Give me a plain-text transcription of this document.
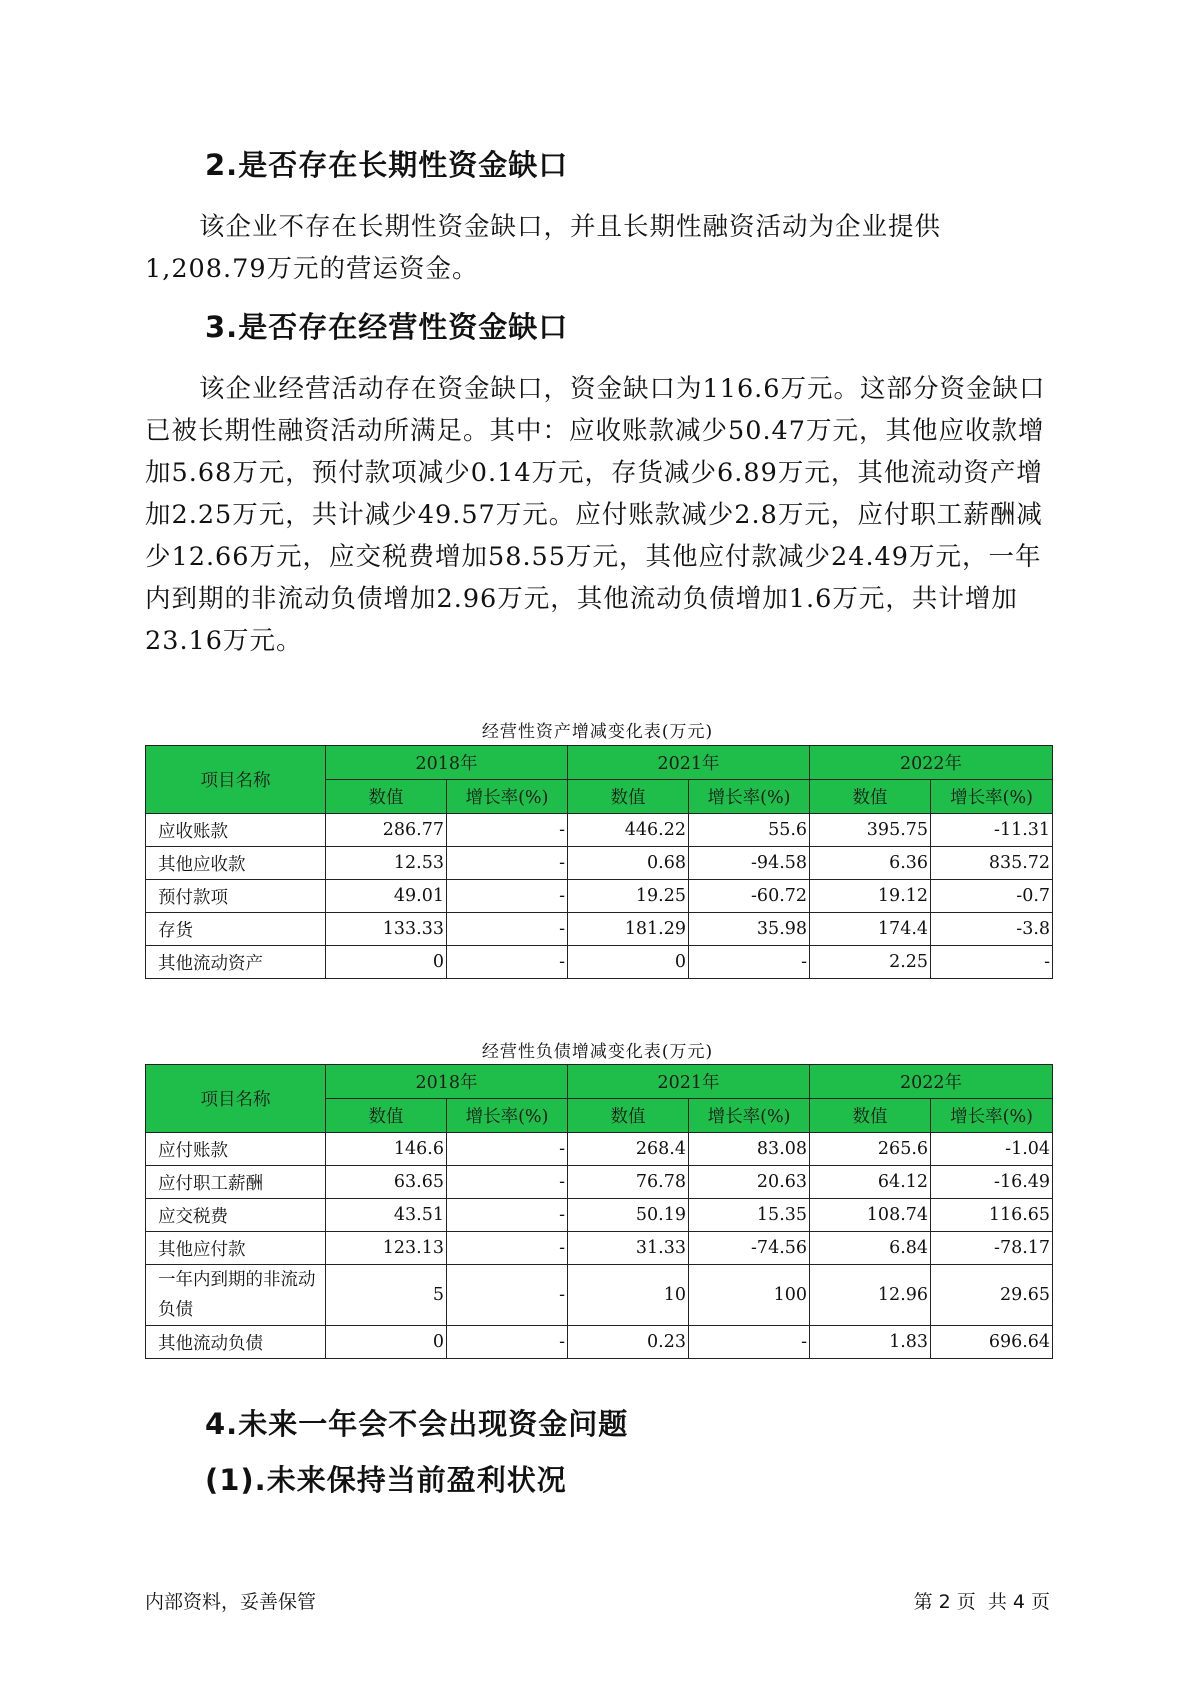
2.是否存在长期性资金缺口

该企业不存在长期性资金缺口，并且长期性融资活动为企业提供1,208.79万元的营运资金。

3.是否存在经营性资金缺口

该企业经营活动存在资金缺口，资金缺口为116.6万元。这部分资金缺口已被长期性融资活动所满足。其中：应收账款减少50.47万元，其他应收款增加5.68万元，预付款项减少0.14万元，存货减少6.89万元，其他流动资产增加2.25万元，共计减少49.57万元。应付账款减少2.8万元，应付职工薪酬减少12.66万元，应交税费增加58.55万元，其他应付款减少24.49万元，一年内到期的非流动负债增加2.96万元，其他流动负债增加1.6万元，共计增加23.16万元。

经营性资产增减变化表(万元)
项目名称	2018年		2021年		2022年	
	数值	增长率(%)	数值	增长率(%)	数值	增长率(%)
应收账款	286.77	-	446.22	55.6	395.75	-11.31
其他应收款	12.53	-	0.68	-94.58	6.36	835.72
预付款项	49.01	-	19.25	-60.72	19.12	-0.7
存货	133.33	-	181.29	35.98	174.4	-3.8
其他流动资产	0	-	0	-	2.25	-
经营性负债增减变化表(万元)
项目名称	2018年		2021年		2022年	
	数值	增长率(%)	数值	增长率(%)	数值	增长率(%)
应付账款	146.6	-	268.4	83.08	265.6	-1.04
应付职工薪酬	63.65	-	76.78	20.63	64.12	-16.49
应交税费	43.51	-	50.19	15.35	108.74	116.65
其他应付款	123.13	-	31.33	-74.56	6.84	-78.17
一年内到期的非流动负债	5	-	10	100	12.96	29.65
其他流动负债	0	-	0.23	-	1.83	696.64
4.未来一年会不会出现资金问题
(1).未来保持当前盈利状况
内部资料，妥善保管	第 2 页  共 4 页
